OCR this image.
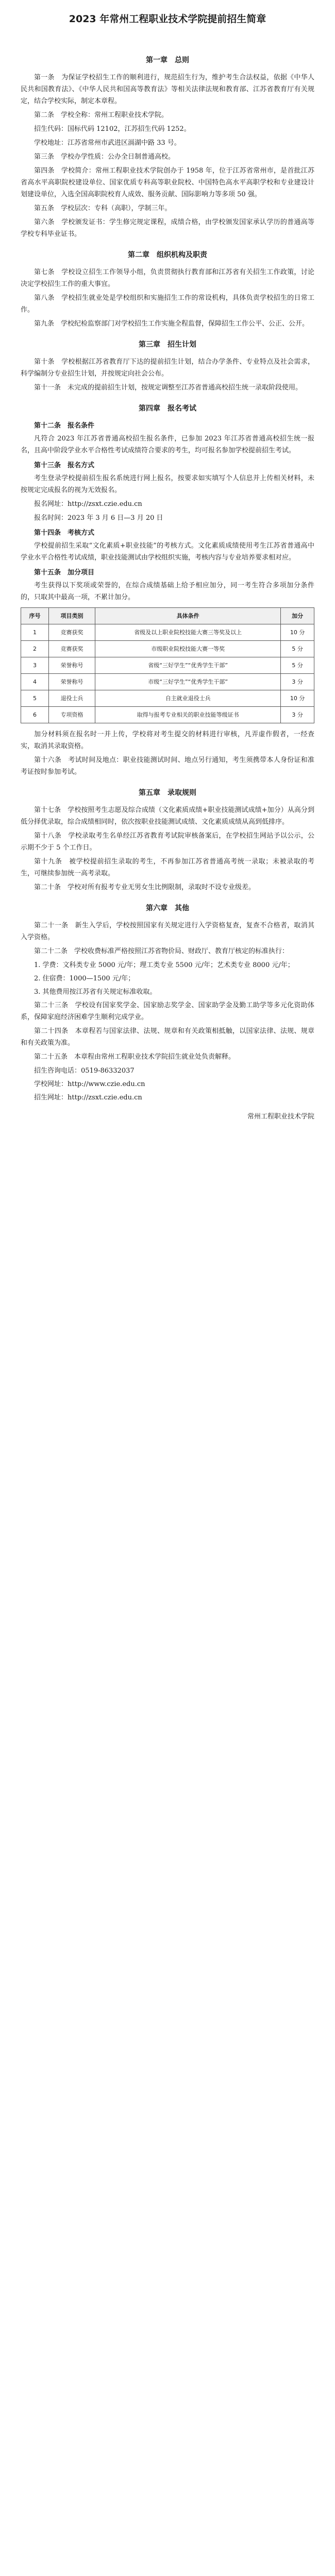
2023 年常州工程职业技术学院提前招生简章
第一章　总则

第一条　为保证学校招生工作的顺利进行，规范招生行为，维护考生合法权益，依据《中华人民共和国教育法》、《中华人民共和国高等教育法》等相关法律法规和教育部、江苏省教育厅有关规定，结合学校实际，制定本章程。

第二条　学校全称：常州工程职业技术学院。

招生代码：国标代码 12102，江苏招生代码 1252。

学校地址：江苏省常州市武进区滆湖中路 33 号。

第三条　学校办学性质：公办全日制普通高校。

第四条　学校简介：常州工程职业技术学院创办于 1958 年，位于江苏省常州市，是首批江苏省高水平高职院校建设单位、国家优质专科高等职业院校、中国特色高水平高职学校和专业建设计划建设单位，入选全国高职院校育人成效、服务贡献、国际影响力等多项 50 强。

第五条　学校层次：专科（高职），学制三年。

第六条　学校颁发证书：学生修完规定课程，成绩合格，由学校颁发国家承认学历的普通高等学校专科毕业证书。

第二章　组织机构及职责

第七条　学校设立招生工作领导小组，负责贯彻执行教育部和江苏省有关招生工作政策，讨论决定学校招生工作的重大事宜。

第八条　学校招生就业处是学校组织和实施招生工作的常设机构，具体负责学校招生的日常工作。

第九条　学校纪检监察部门对学校招生工作实施全程监督，保障招生工作公平、公正、公开。

第三章　招生计划

第十条　学校根据江苏省教育厅下达的提前招生计划，结合办学条件、专业特点及社会需求，科学编制分专业招生计划，并按规定向社会公布。

第十一条　未完成的提前招生计划，按规定调整至江苏省普通高校招生统一录取阶段使用。

第四章　报名考试

第十二条　报名条件

凡符合 2023 年江苏省普通高校招生报名条件，已参加 2023 年江苏省普通高校招生统一报名，且高中阶段学业水平合格性考试成绩符合要求的考生，均可报名参加学校提前招生考试。

第十三条　报名方式

考生登录学校提前招生报名系统进行网上报名，按要求如实填写个人信息并上传相关材料，未按规定完成报名的视为无效报名。

报名网址：http://zsxt.czie.edu.cn

报名时间：2023 年 3 月 6 日—3 月 20 日

第十四条　考核方式

学校提前招生采取“文化素质+职业技能”的考核方式。文化素质成绩使用考生江苏省普通高中学业水平合格性考试成绩，职业技能测试由学校组织实施，考核内容与专业培养要求相对应。

第十五条　加分项目

考生获得以下奖项或荣誉的，在综合成绩基础上给予相应加分，同一考生符合多项加分条件的，只取其中最高一项，不累计加分。

序号	项目类别	具体条件	加分
1	竞赛获奖	省级及以上职业院校技能大赛三等奖及以上	10 分
2	竞赛获奖	市级职业院校技能大赛一等奖	5 分
3	荣誉称号	省级“三好学生”“优秀学生干部”	5 分
4	荣誉称号	市级“三好学生”“优秀学生干部”	3 分
5	退役士兵	自主就业退役士兵	10 分
6	专项资格	取得与报考专业相关的职业技能等级证书	3 分

加分材料须在报名时一并上传，学校将对考生提交的材料进行审核，凡弄虚作假者，一经查实，取消其录取资格。

第十六条　考试时间及地点：职业技能测试时间、地点另行通知，考生须携带本人身份证和准考证按时参加考试。

第五章　录取规则

第十七条　学校按照考生志愿及综合成绩（文化素质成绩+职业技能测试成绩+加分）从高分到低分择优录取，综合成绩相同时，依次按职业技能测试成绩、文化素质成绩从高到低排序。

第十八条　学校录取考生名单经江苏省教育考试院审核备案后，在学校招生网站予以公示，公示期不少于 5 个工作日。

第十九条　被学校提前招生录取的考生，不再参加江苏省普通高考统一录取；未被录取的考生，可继续参加统一高考录取。

第二十条　学校对所有报考专业无男女生比例限制，录取时不设专业级差。

第六章　其他

第二十一条　新生入学后，学校按照国家有关规定进行入学资格复查，复查不合格者，取消其入学资格。

第二十二条　学校收费标准严格按照江苏省物价局、财政厅、教育厅核定的标准执行：

1. 学费：文科类专业 5000 元/年；理工类专业 5500 元/年；艺术类专业 8000 元/年；

2. 住宿费：1000—1500 元/年；

3. 其他费用按江苏省有关规定标准收取。

第二十三条　学校设有国家奖学金、国家励志奖学金、国家助学金及勤工助学等多元化资助体系，保障家庭经济困难学生顺利完成学业。

第二十四条　本章程若与国家法律、法规、规章和有关政策相抵触，以国家法律、法规、规章和有关政策为准。

第二十五条　本章程由常州工程职业技术学院招生就业处负责解释。

招生咨询电话：0519-86332037

学校网址：http://www.czie.edu.cn

招生网址：http://zsxt.czie.edu.cn

常州工程职业技术学院
